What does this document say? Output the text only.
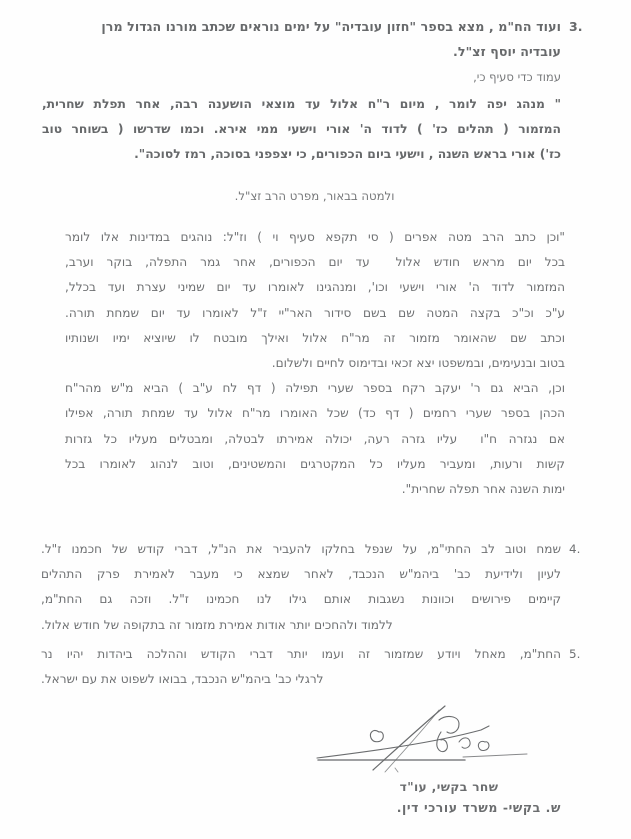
3.
ועוד הח"מ , מצא בספר "חזון עובדיה" על ימים נוראים שכתב מורנו הגדול מרן
עובדיה יוסף זצ"ל.
עמוד כדי סעיף כי,
" מנהג יפה לומר , מיום ר"ח אלול עד מוצאי הושענה רבה, אחר תפלת שחרית,
המזמור ( תהלים כז' ) לדוד ה' אורי וישעי ממי אירא. וכמו שדרשו ( בשוחר טוב
כז') אורי בראש השנה , וישעי ביום הכפורים, כי יצפפני בסוכה, רמז לסוכה".
ולמטה בבאור, מפרט הרב זצ"ל.

"וכן כתב הרב מטה אפרים ( סי תקפא סעיף וי ) וז"ל: נוהגים במדינות אלו לומר
בכל יום מראש חודש אלול  עד יום הכפורים, אחר גמר התפלה, בוקר וערב,
המזמור לדוד ה' אורי וישעי וכו', ומנהגינו לאומרו עד יום שמיני עצרת ועד בכלל,
ע"כ וכ"כ בקצה המטה שם בשם סידור האר"יי ז"ל לאומרו עד יום שמחת תורה.
וכתב שם שהאומר מזמור זה מר"ח אלול ואילך מובטח לו שיוציא ימיו ושנותיו
בטוב ובנעימים, ובמשפטו יצא זכאי ובדימוס לחיים ולשלום.
וכן, הביא גם ר' יעקב רקח בספר שערי תפילה ( דף לח ע"ב ) הביא מ"ש מהר"ח
הכהן בספר שערי רחמים ( דף כד) שכל האומרו מר"ח אלול עד שמחת תורה, אפילו
אם נגזרה ח"ו  עליו גזרה רעה, יכולה אמירתו לבטלה, ומבטלים מעליו כל גזרות
קשות ורעות, ומעביר מעליו כל המקטרגים והמשטינים, וטוב לנהוג לאומרו בכל
ימות השנה אחר תפלה שחרית".

4.
שמח וטוב לב החתי"מ, על שנפל בחלקו להעביר את הנ"ל, דברי קודש של חכמנו ז"ל.
לעיון ולידיעת כב' ביהמ"ש הנכבד, לאחר שמצא כי מעבר לאמירת פרק התהלים
קיימים פירושים וכוונות נשגבות אותם גילו לנו חכמינו ז"ל. וזכה גם החת"מ,
ללמוד ולהחכים יותר אודות אמירת מזמור זה בתקופה של חודש אלול.
5.
החת"מ, מאחל ויודע שמזמור זה ועמו יותר דברי הקודש וההלכה ביהדות יהיו נר
לרגלי כב' ביהמ"ש הנכבד, בבואו לשפוט את עם ישראל.
שחר בקשי, עו"ד
ש. בקשי- משרד עורכי דין.
